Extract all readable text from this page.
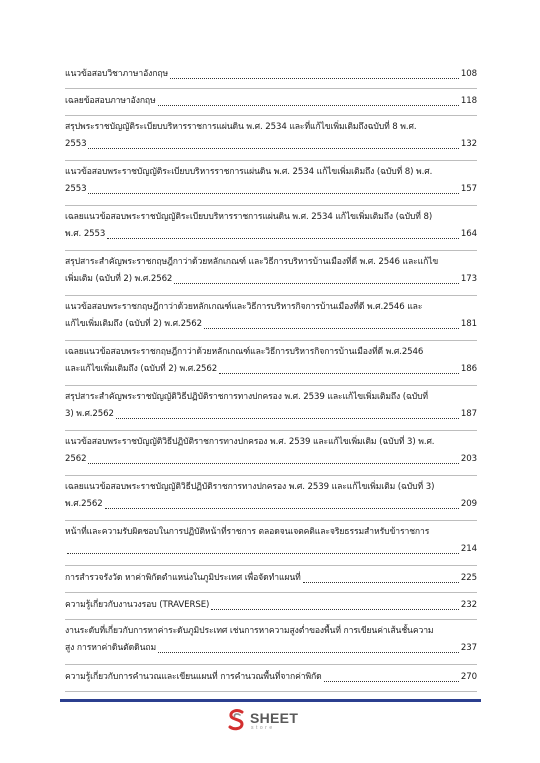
แนวข้อสอบวิชาภาษาอังกฤษ	108
เฉลยข้อสอบภาษาอังกฤษ	118
สรุปพระราชบัญญัติระเบียบบริหารราชการแผ่นดิน พ.ศ. 2534 และที่แก้ไขเพิ่มเติมถึงฉบับที่ 8 พ.ศ.
2553	132
แนวข้อสอบพระราชบัญญัติระเบียบบริหารราชการแผ่นดิน พ.ศ. 2534 แก้ไขเพิ่มเติมถึง (ฉบับที่ 8) พ.ศ.
2553	157
เฉลยแนวข้อสอบพระราชบัญญัติระเบียบบริหารราชการแผ่นดิน พ.ศ. 2534 แก้ไขเพิ่มเติมถึง (ฉบับที่ 8)
พ.ศ. 2553	164
สรุปสาระสำคัญพระราชกฤษฎีกาว่าด้วยหลักเกณฑ์ และวิธีการบริหารบ้านเมืองที่ดี พ.ศ. 2546 และแก้ไข
เพิ่มเติม (ฉบับที่ 2) พ.ศ.2562	173
แนวข้อสอบพระราชกฤษฎีกาว่าด้วยหลักเกณฑ์และวิธีการบริหารกิจการบ้านเมืองที่ดี พ.ศ.2546 และ
แก้ไขเพิ่มเติมถึง (ฉบับที่ 2) พ.ศ.2562	181
เฉลยแนวข้อสอบพระราชกฤษฎีกาว่าด้วยหลักเกณฑ์และวิธีการบริหารกิจการบ้านเมืองที่ดี พ.ศ.2546
และแก้ไขเพิ่มเติมถึง (ฉบับที่ 2) พ.ศ.2562	186
สรุปสาระสำคัญพระราชบัญญัติวิธีปฏิบัติราชการทางปกครอง พ.ศ. 2539 และแก้ไขเพิ่มเติมถึง (ฉบับที่
3) พ.ศ.2562	187
แนวข้อสอบพระราชบัญญัติวิธีปฏิบัติราชการทางปกครอง พ.ศ. 2539 และแก้ไขเพิ่มเติม (ฉบับที่ 3) พ.ศ.
2562	203
เฉลยแนวข้อสอบพระราชบัญญัติวิธีปฏิบัติราชการทางปกครอง พ.ศ. 2539 และแก้ไขเพิ่มเติม (ฉบับที่ 3)
พ.ศ.2562	209
หน้าที่และความรับผิดชอบในการปฏิบัติหน้าที่ราชการ ตลอดจนเจตคติและจริยธรรมสำหรับข้าราชการ
214
การสำรวจรังวัด หาค่าพิกัดตำแหน่งในภูมิประเทศ เพื่อจัดทำแผนที่	225
ความรู้เกี่ยวกับงานวงรอบ (TRAVERSE)	232
งานระดับที่เกี่ยวกับการหาค่าระดับภูมิประเทศ เช่นการหาความสูงต่ำของพื้นที่ การเขียนค่าเส้นชั้นความ
สูง การหาค่าดินตัดดินถม	237
ความรู้เกี่ยวกับการคำนวณและเขียนแผนที่ การคำนวณพื้นที่จากค่าพิกัด	270
SHEET
store
